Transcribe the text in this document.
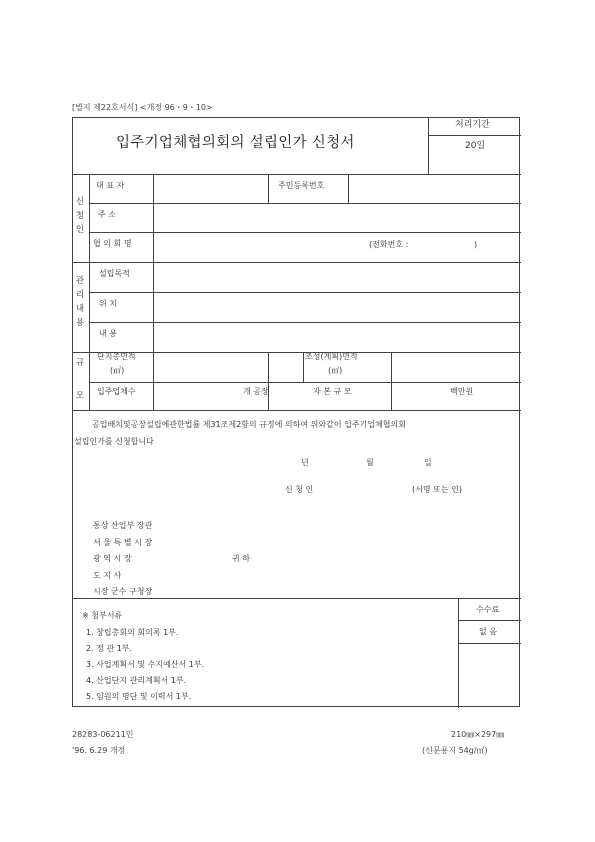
[별지 제22호서식] <개정 96・9・10>
입주기업체협의회의 설립인가 신청서
처리기간
20일
신
청
인
관
리
내
용
규
모
대 표 자	주민등록번호
주 소
협 의 회 명	(전화번호 :	)
설립목적
위 치
내 용
단지총면적
(㎡)
조성(계획)면적
(㎡)
입주업체수	개 공장	자 본 규 모	백만원
공업배치및공장설립에관한법률 제31조제2항의 규정에 의하여 위와같이 입주기업체협의회
설립인가를 신청합니다
년	월	일
신 청 인	(서명 또는 인)
통상 산업부 장관
서 울 특 별 시 장
광 역 시 장	귀 하
도 지 사
시장 군수 구청장
※ 첨부서류
1. 창립총회의 회의록 1부.
2. 정 관 1부.
3. 사업계획서 및 수지예산서 1부.
4. 산업단지 관리계획서 1부.
5. 임원의 명단 및 이력서 1부.
수수료
없 음
28283-06211민	210㎜×297㎜
'96. 6.29 개정	(신문용지 54g/㎡)
